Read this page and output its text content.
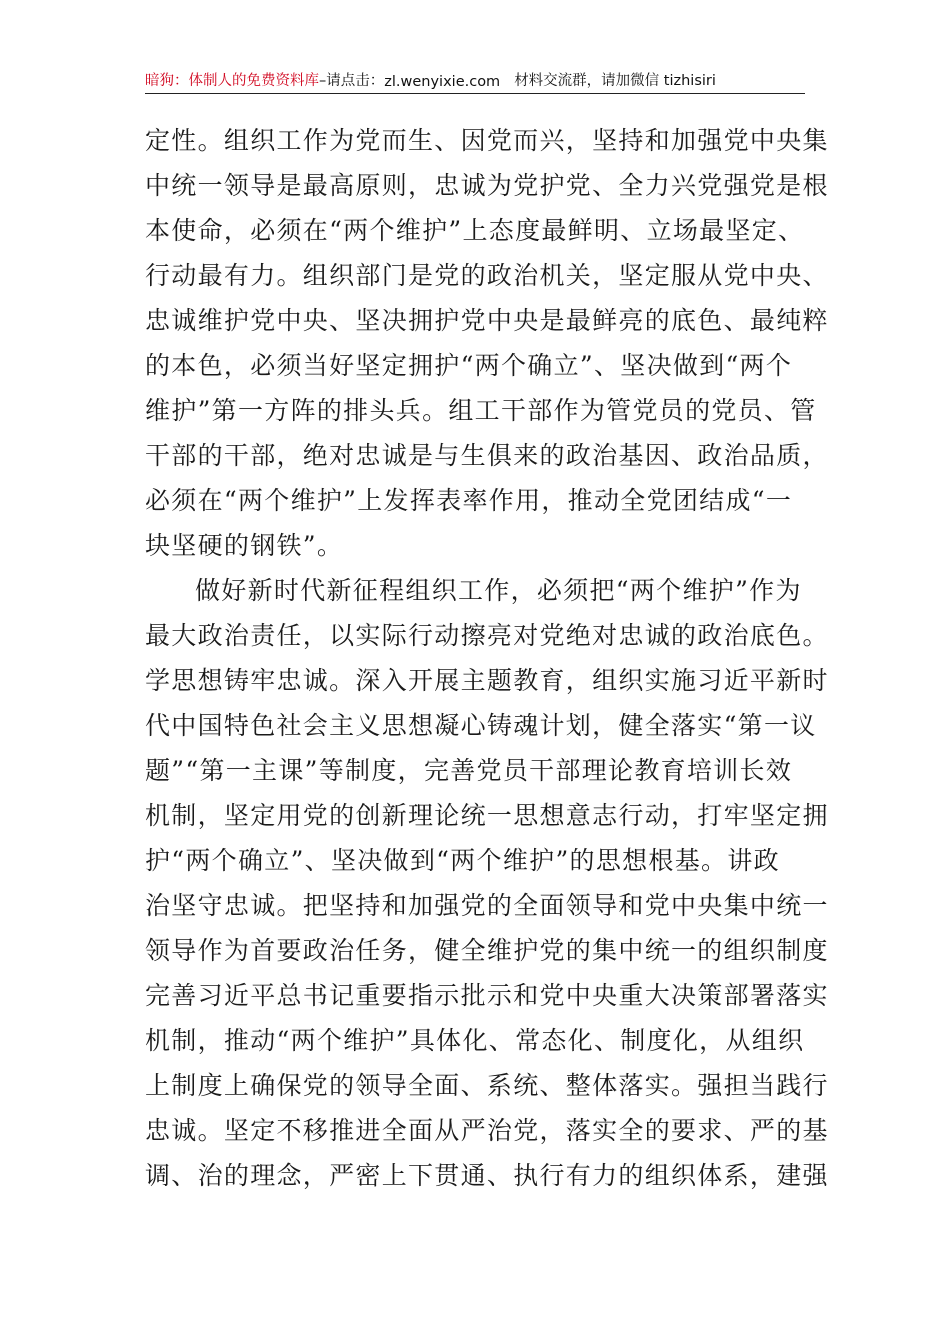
暗狗：体制人的免费资料库 –请点击： zl.wenyixie.com 材料交流群，请加微信 tizhisiri
定性。组织工作为党而生、因党而兴，坚持和加强党中央集
中统一领导是最高原则，忠诚为党护党、全力兴党强党是根
本使命，必须在“两个维护”上态度最鲜明、立场最坚定、
行动最有力。组织部门是党的政治机关，坚定服从党中央、
忠诚维护党中央、坚决拥护党中央是最鲜亮的底色、最纯粹
的本色，必须当好坚定拥护“两个确立”、坚决做到“两个
维护”第一方阵的排头兵。组工干部作为管党员的党员、管
干部的干部，绝对忠诚是与生俱来的政治基因、政治品质，
必须在“两个维护”上发挥表率作用，推动全党团结成“一
块坚硬的钢铁”。
做好新时代新征程组织工作，必须把“两个维护”作为
最大政治责任，以实际行动擦亮对党绝对忠诚的政治底色。
学思想铸牢忠诚。深入开展主题教育，组织实施习近平新时
代中国特色社会主义思想凝心铸魂计划，健全落实“第一议
题”“第一主课”等制度，完善党员干部理论教育培训长效
机制，坚定用党的创新理论统一思想意志行动，打牢坚定拥
护“两个确立”、坚决做到“两个维护”的思想根基。讲政
治坚守忠诚。把坚持和加强党的全面领导和党中央集中统一
领导作为首要政治任务，健全维护党的集中统一的组织制度
完善习近平总书记重要指示批示和党中央重大决策部署落实
机制，推动“两个维护”具体化、常态化、制度化，从组织
上制度上确保党的领导全面、系统、整体落实。强担当践行
忠诚。坚定不移推进全面从严治党，落实全的要求、严的基
调、治的理念，严密上下贯通、执行有力的组织体系，建强
